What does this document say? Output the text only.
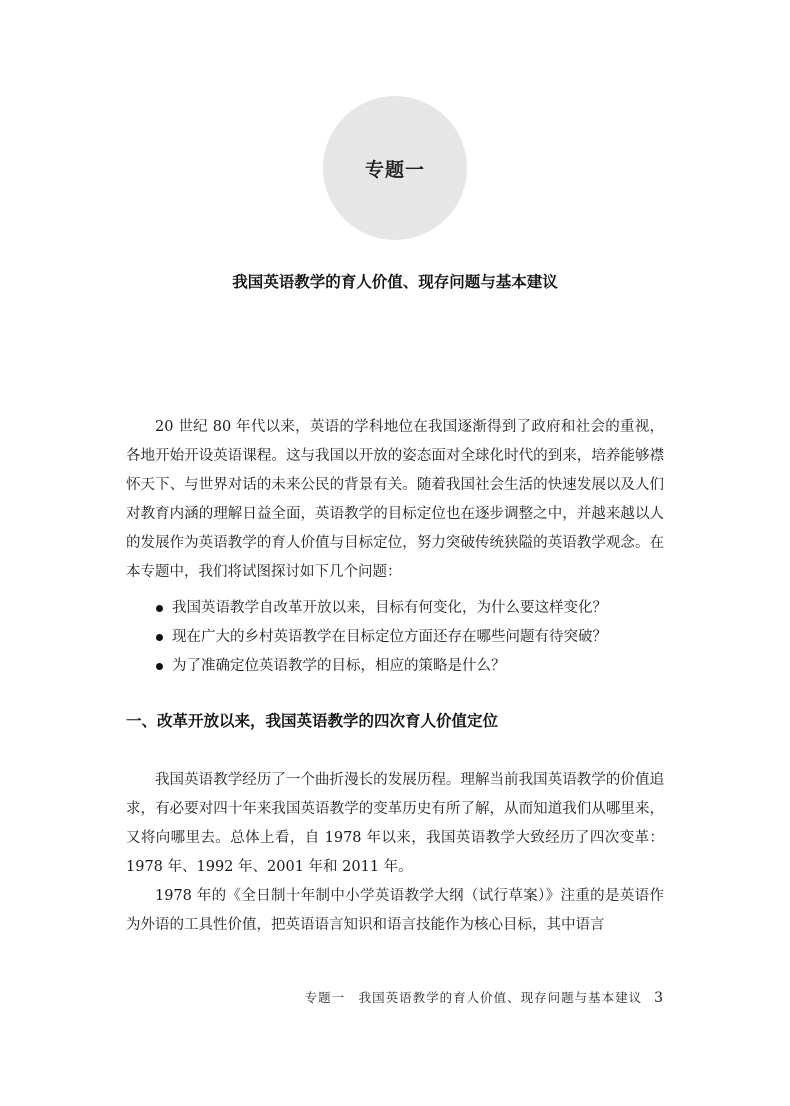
专题一
我国英语教学的育人价值、现存问题与基本建议

20 世纪 80 年代以来，英语的学科地位在我国逐渐得到了政府和社会的重视，各地开始开设英语课程。这与我国以开放的姿态面对全球化时代的到来，培养能够襟怀天下、与世界对话的未来公民的背景有关。随着我国社会生活的快速发展以及人们对教育内涵的理解日益全面，英语教学的目标定位也在逐步调整之中，并越来越以人的发展作为英语教学的育人价值与目标定位，努力突破传统狭隘的英语教学观念。在本专题中，我们将试图探讨如下几个问题：

我国英语教学自改革开放以来，目标有何变化，为什么要这样变化？
现在广大的乡村英语教学在目标定位方面还存在哪些问题有待突破？
为了准确定位英语教学的目标，相应的策略是什么？
一、改革开放以来，我国英语教学的四次育人价值定位

我国英语教学经历了一个曲折漫长的发展历程。理解当前我国英语教学的价值追求，有必要对四十年来我国英语教学的变革历史有所了解，从而知道我们从哪里来，又将向哪里去。总体上看，自 1978 年以来，我国英语教学大致经历了四次变革：1978 年、1992 年、2001 年和 2011 年。

1978 年的《全日制十年制中小学英语教学大纲（试行草案）》注重的是英语作为外语的工具性价值，把英语语言知识和语言技能作为核心目标，其中语言

专题一　我国英语教学的育人价值、现存问题与基本建议 3
